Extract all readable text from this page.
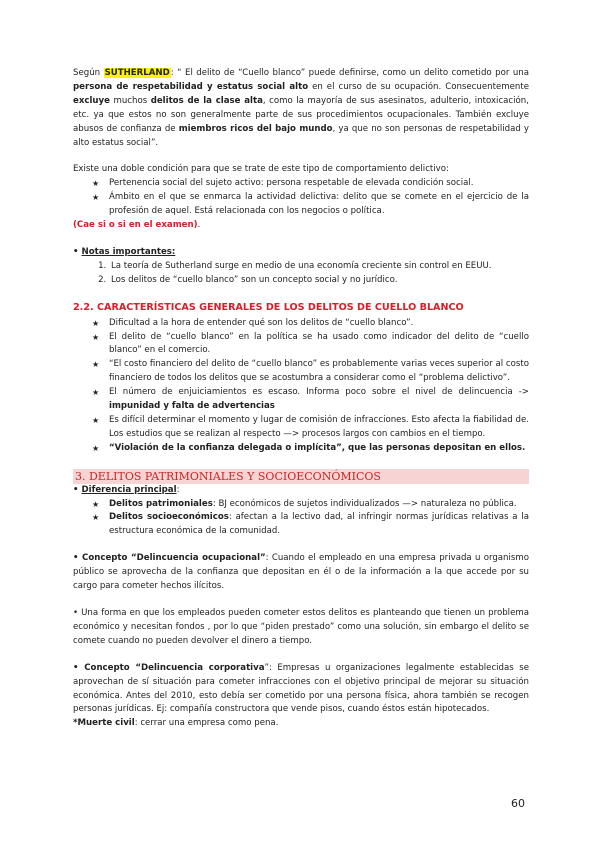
Según SUTHERLAND: “ El delito de “Cuello blanco” puede definirse, como un delito cometido por una persona de respetabilidad y estatus social alto en el curso de su ocupación. Consecuentemente excluye muchos delitos de la clase alta, como la mayoría de sus asesinatos, adulterio, intoxicación, etc. ya que estos no son generalmente parte de sus procedimientos ocupacionales. También excluye abusos de confianza de miembros ricos del bajo mundo, ya que no son personas de respetabilidad y alto estatus social”.

Existe una doble condición para que se trate de este tipo de comportamiento delictivo:

★ Pertenencia social del sujeto activo: persona respetable de elevada condición social.
★ Ámbito en el que se enmarca la actividad delictiva: delito que se comete en el ejercicio de la profesión de aquel. Está relacionada con los negocios o política.

(Cae si o si en el examen).

• Notas importantes:

1. La teoría de Sutherland surge en medio de una economía creciente sin control en EEUU.
2. Los delitos de “cuello blanco” son un concepto social y no jurídico.

2.2. CARACTERÍSTICAS GENERALES DE LOS DELITOS DE CUELLO BLANCO

★ Dificultad a la hora de entender qué son los delitos de “cuello blanco”.
★ El delito de “cuello blanco” en la política se ha usado como indicador del delito de “cuello blanco” en el comercio.
★ “El costo financiero del delito de “cuello blanco” es probablemente varias veces superior al costo financiero de todos los delitos que se acostumbra a considerar como el “problema delictivo”.
★ El número de enjuiciamientos es escaso. Informa poco sobre el nivel de delincuencia -> impunidad y falta de advertencias
★ Es difícil determinar el momento y lugar de comisión de infracciones. Esto afecta la fiabilidad de. Los estudios que se realizan al respecto —> procesos largos con cambios en el tiempo.
★ “Violación de la confianza delegada o implícita”, que las personas depositan en ellos.

3. DELITOS PATRIMONIALES Y SOCIOECONÓMICOS

• Diferencia principal:

★ Delitos patrimoniales: BJ económicos de sujetos individualizados —> naturaleza no pública.
★ Delitos socioeconómicos: afectan a la lectivo dad, al infringir normas jurídicas relativas a la estructura económica de la comunidad.

• Concepto “Delincuencia ocupacional”: Cuando el empleado en una empresa privada u organismo público se aprovecha de la confianza que depositan en él o de la información a la que accede por su cargo para cometer hechos ilícitos.

• Una forma en que los empleados pueden cometer estos delitos es planteando que tienen un problema económico y necesitan fondos , por lo que “piden prestado” como una solución, sin embargo el delito se comete cuando no pueden devolver el dinero a tiempo.

• Concepto “Delincuencia corporativa”: Empresas u organizaciones legalmente establecidas se aprovechan de sí situación para cometer infracciones con el objetivo principal de mejorar su situación económica. Antes del 2010, esto debía ser cometido por una persona física, ahora también se recogen personas jurídicas. Ej: compañía constructora que vende pisos, cuando éstos están hipotecados.

*Muerte civil: cerrar una empresa como pena.

60
